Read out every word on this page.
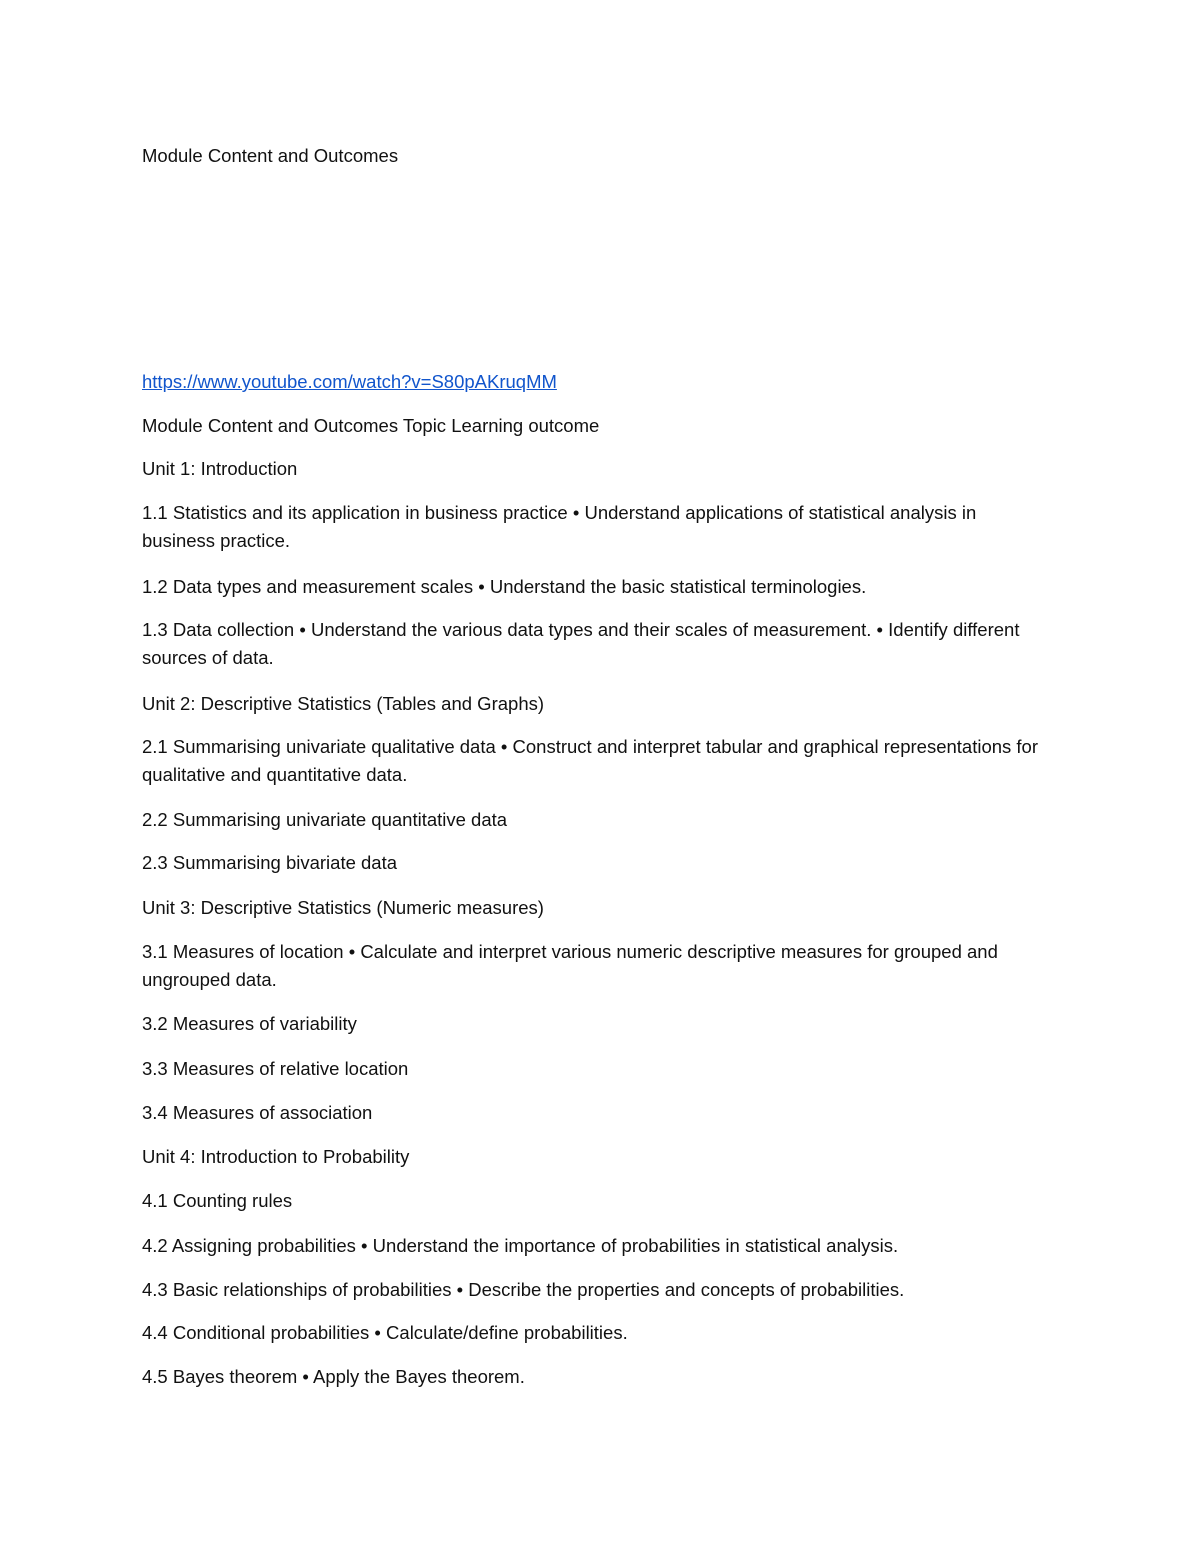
Module Content and Outcomes

https://www.youtube.com/watch?v=S80pAKruqMM

Module Content and Outcomes Topic Learning outcome

Unit 1: Introduction

1.1 Statistics and its application in business practice • Understand applications of statistical analysis in business practice.

1.2 Data types and measurement scales • Understand the basic statistical terminologies.

1.3 Data collection • Understand the various data types and their scales of measurement. • Identify different sources of data.

Unit 2: Descriptive Statistics (Tables and Graphs)

2.1 Summarising univariate qualitative data • Construct and interpret tabular and graphical representations for qualitative and quantitative data.

2.2 Summarising univariate quantitative data

2.3 Summarising bivariate data

Unit 3: Descriptive Statistics (Numeric measures)

3.1 Measures of location • Calculate and interpret various numeric descriptive measures for grouped and ungrouped data.

3.2 Measures of variability

3.3 Measures of relative location

3.4 Measures of association

Unit 4: Introduction to Probability

4.1 Counting rules

4.2 Assigning probabilities • Understand the importance of probabilities in statistical analysis.

4.3 Basic relationships of probabilities • Describe the properties and concepts of probabilities.

4.4 Conditional probabilities • Calculate/define probabilities.

4.5 Bayes theorem • Apply the Bayes theorem.
